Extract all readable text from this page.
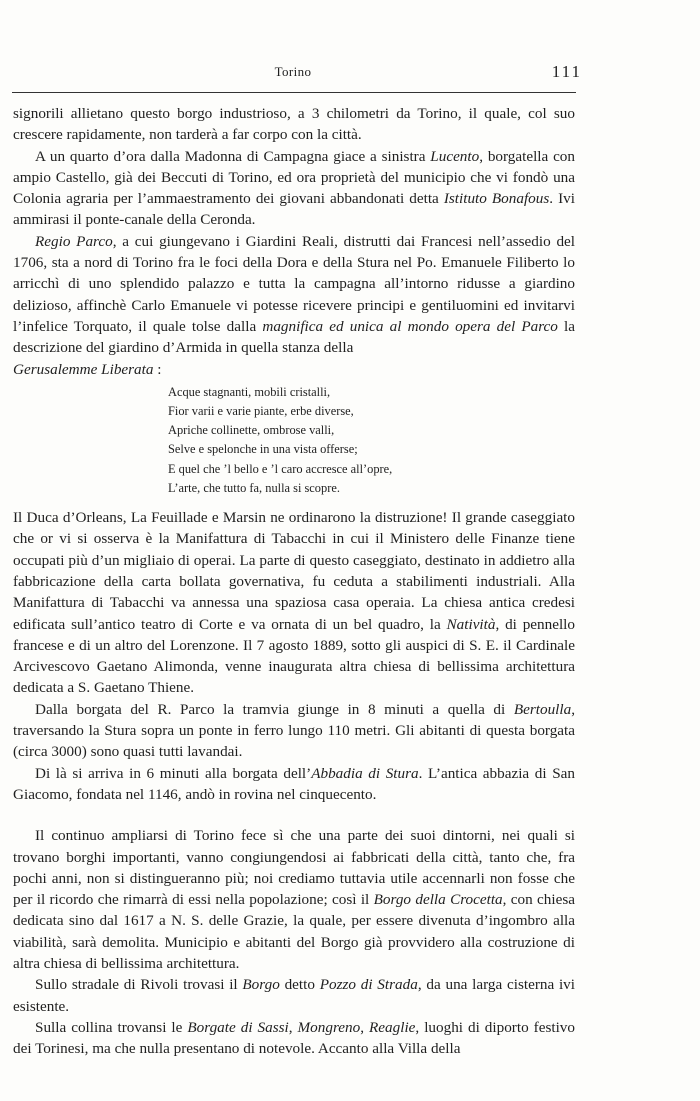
Torino	111

signorili allietano questo borgo industrioso, a 3 chilometri da Torino, il quale, col suo crescere rapidamente, non tarderà a far corpo con la città.

A un quarto d’ora dalla Madonna di Campagna giace a sinistra Lucento, borgatella con ampio Castello, già dei Beccuti di Torino, ed ora proprietà del municipio che vi fondò una Colonia agraria per l’ammaestramento dei giovani abbandonati detta Istituto Bonafous. Ivi ammirasi il ponte-canale della Ceronda.

Regio Parco, a cui giungevano i Giardini Reali, distrutti dai Francesi nell’assedio del 1706, sta a nord di Torino fra le foci della Dora e della Stura nel Po. Emanuele Filiberto lo arricchì di uno splendido palazzo e tutta la campagna all’intorno ridusse a giardino delizioso, affinchè Carlo Emanuele vi potesse ricevere principi e gentiluomini ed invitarvi l’infelice Torquato, il quale tolse dalla magnifica ed unica al mondo opera del Parco la descrizione del giardino d’Armida in quella stanza della

Gerusalemme Liberata :

Acque stagnanti, mobili cristalli,
Fior varii e varie piante, erbe diverse,
Apriche collinette, ombrose valli,
Selve e spelonche in una vista offerse;
E quel che ’l bello e ’l caro accresce all’opre,
L’arte, che tutto fa, nulla si scopre.

Il Duca d’Orleans, La Feuillade e Marsin ne ordinarono la distruzione! Il grande caseggiato che or vi si osserva è la Manifattura di Tabacchi in cui il Ministero delle Finanze tiene occupati più d’un migliaio di operai. La parte di questo caseggiato, destinato in addietro alla fabbricazione della carta bollata governativa, fu ceduta a stabilimenti industriali. Alla Manifattura di Tabacchi va annessa una spaziosa casa operaia. La chiesa antica credesi edificata sull’antico teatro di Corte e va ornata di un bel quadro, la Natività, di pennello francese e di un altro del Lorenzone. Il 7 agosto 1889, sotto gli auspici di S. E. il Cardinale Arcivescovo Gaetano Alimonda, venne inaugurata altra chiesa di bellissima architettura dedicata a S. Gaetano Thiene.

Dalla borgata del R. Parco la tramvia giunge in 8 minuti a quella di Bertoulla, traversando la Stura sopra un ponte in ferro lungo 110 metri. Gli abitanti di questa borgata (circa 3000) sono quasi tutti lavandai.

Di là si arriva in 6 minuti alla borgata dell’Abbadia di Stura. L’antica abbazia di San Giacomo, fondata nel 1146, andò in rovina nel cinquecento.

Il continuo ampliarsi di Torino fece sì che una parte dei suoi dintorni, nei quali si trovano borghi importanti, vanno congiungendosi ai fabbricati della città, tanto che, fra pochi anni, non si distingueranno più; noi crediamo tuttavia utile accennarli non fosse che per il ricordo che rimarrà di essi nella popolazione; così il Borgo della Crocetta, con chiesa dedicata sino dal 1617 a N. S. delle Grazie, la quale, per essere divenuta d’ingombro alla viabilità, sarà demolita. Municipio e abitanti del Borgo già provvidero alla costruzione di altra chiesa di bellissima architettura.

Sullo stradale di Rivoli trovasi il Borgo detto Pozzo di Strada, da una larga cisterna ivi esistente.

Sulla collina trovansi le Borgate di Sassi, Mongreno, Reaglie, luoghi di diporto festivo dei Torinesi, ma che nulla presentano di notevole. Accanto alla Villa della
